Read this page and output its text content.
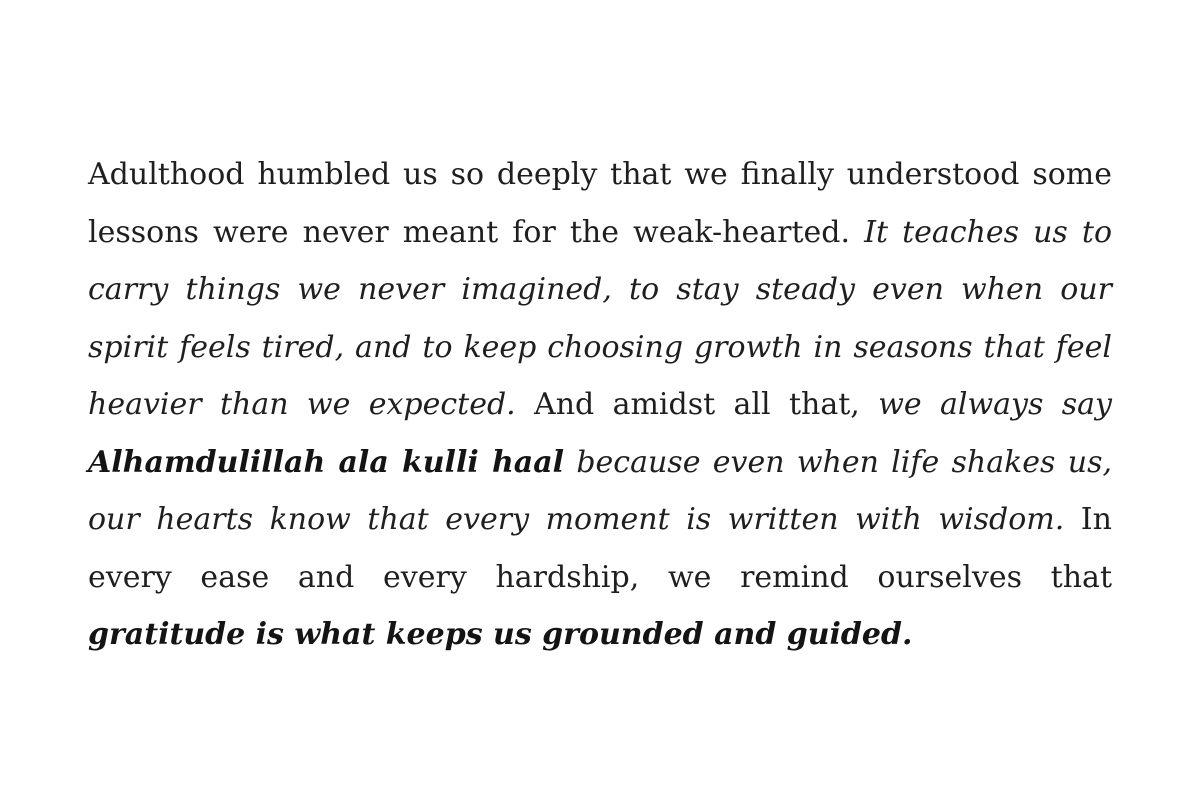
Adulthood humbled us so deeply that we finally understood some lessons were never meant for the weak-hearted. It teaches us to carry things we never imagined, to stay steady even when our spirit feels tired, and to keep choosing growth in seasons that feel heavier than we expected. And amidst all that, we always say Alhamdulillah ala kulli haal because even when life shakes us, our hearts know that every moment is written with wisdom. In every ease and every hardship, we remind ourselves that gratitude is what keeps us grounded and guided.
